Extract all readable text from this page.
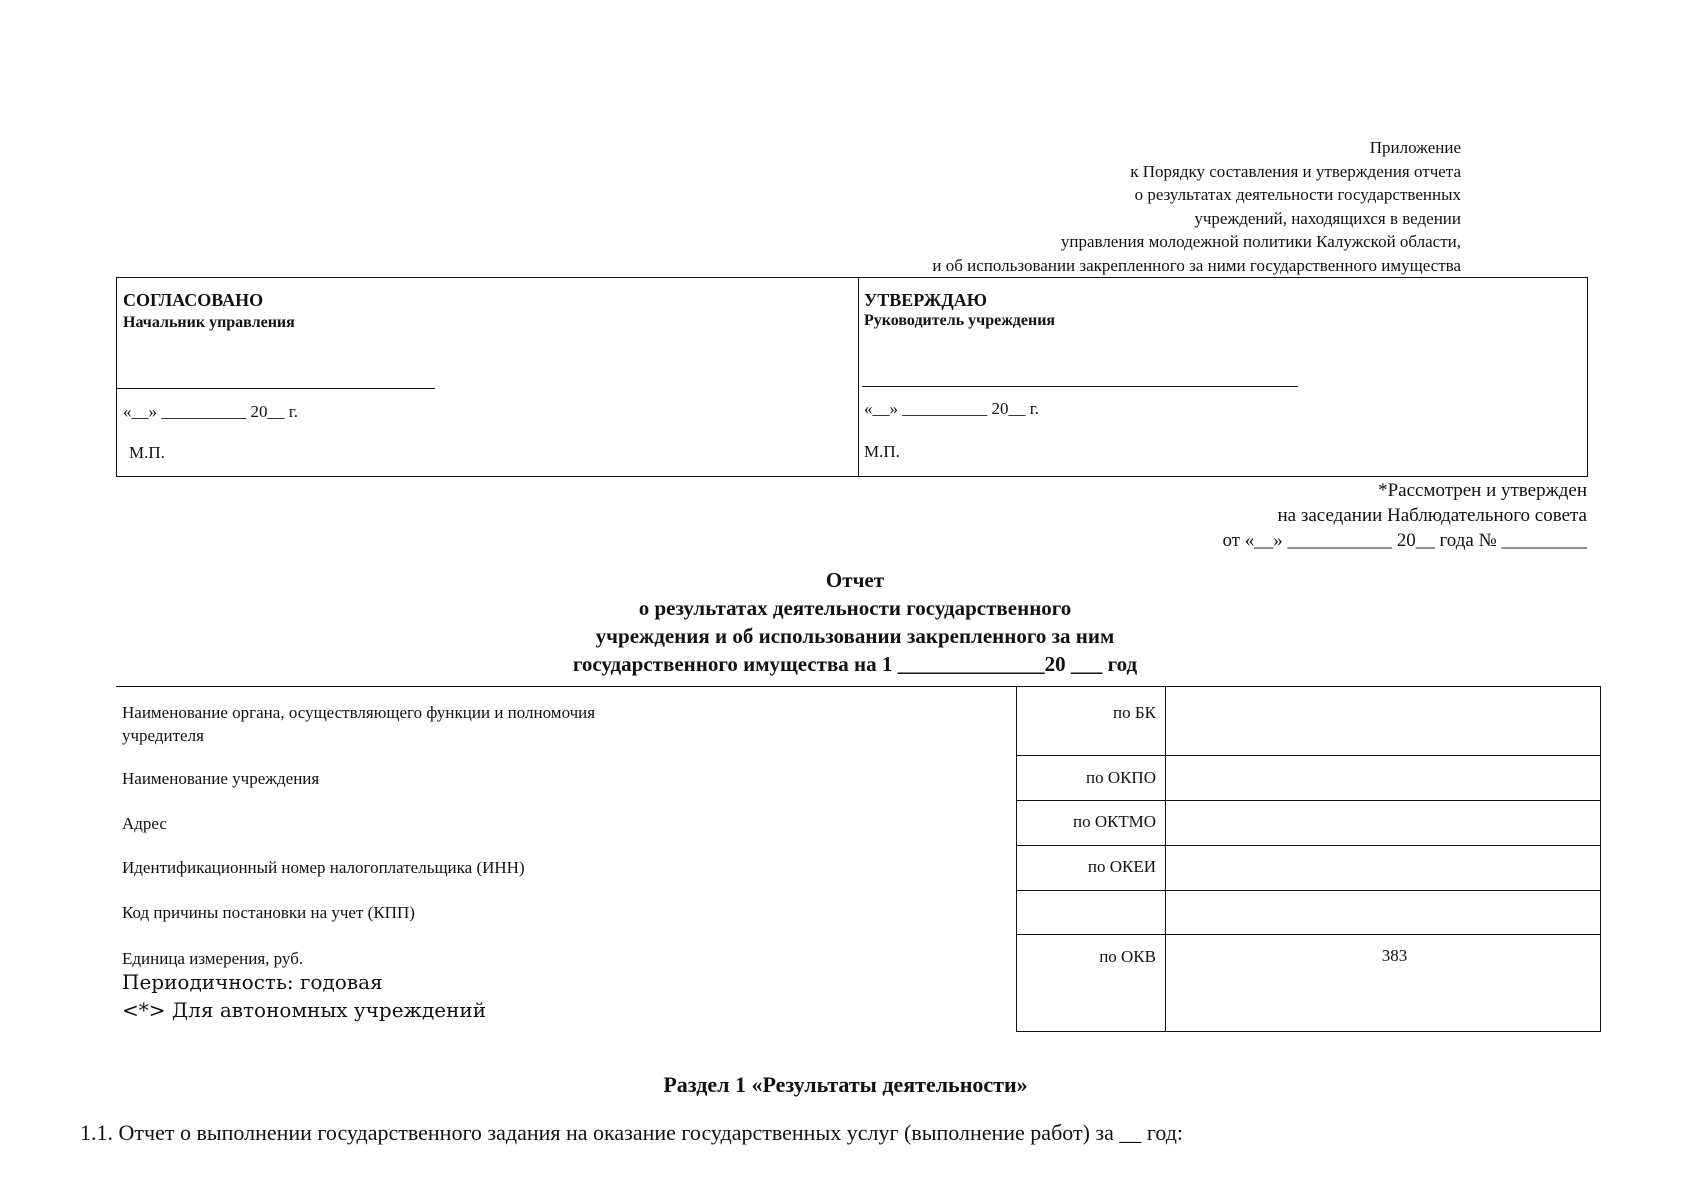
Приложение
к Порядку составления и утверждения отчета
о результатах деятельности государственных
учреждений, находящихся в ведении
управления молодежной политики Калужской области,
и об использовании закрепленного за ними государственного имущества
СОГЛАСОВАНО
Начальник управления
«__» __________ 20__ г.
М.П.
УТВЕРЖДАЮ
Руководитель учреждения
«__» __________ 20__ г.
М.П.
*Рассмотрен и утвержден
на заседании Наблюдательного совета
от «__» ___________ 20__ года № _________
Отчет
о результатах деятельности государственного
учреждения и об использовании закрепленного за ним
государственного имущества на 1 ______________20 ___ год
Наименование органа, осуществляющего функции и полномочия
учредителя
Наименование учреждения
Адрес
Идентификационный номер налогоплательщика (ИНН)
Код причины постановки на учет (КПП)
Единица измерения, руб.
Периодичность: годовая
<*> Для автономных учреждений
по БК
по ОКПО
по ОКТМО
по ОКЕИ
по ОКВ	383
Раздел 1 «Результаты деятельности»
1.1. Отчет о выполнении государственного задания на оказание государственных услуг (выполнение работ) за __ год:
